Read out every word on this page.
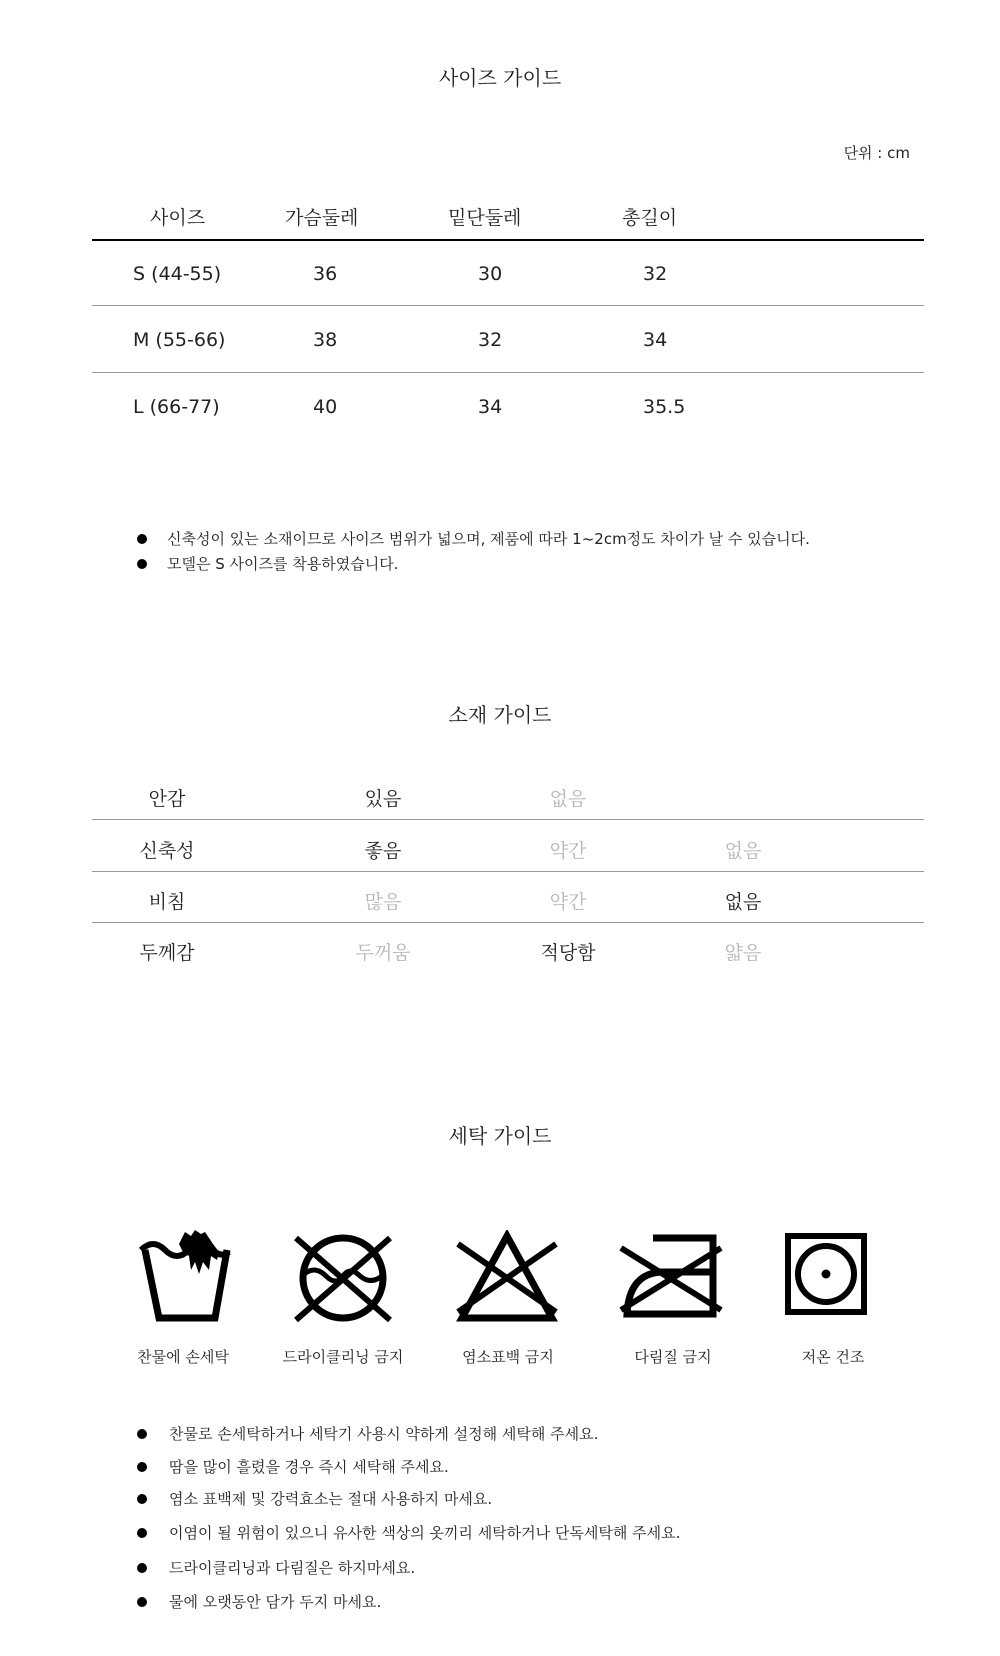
사이즈 가이드
단위 : cm
사이즈	가슴둘레	밑단둘레	총길이
S (44-55)	36	30	32
M (55-66)	38	32	34
L (66-77)	40	34	35.5
신축성이 있는 소재이므로 사이즈 범위가 넓으며, 제품에 따라 1~2cm정도 차이가 날 수 있습니다.
모델은 S 사이즈를 착용하였습니다.
소재 가이드
안감	있음	없음
신축성	좋음	약간	없음
비침	많음	약간	없음
두께감	두꺼움	적당함	얇음
세탁 가이드
찬물에 손세탁	드라이클리닝 금지	염소표백 금지	다림질 금지	저온 건조
찬물로 손세탁하거나 세탁기 사용시 약하게 설정해 세탁해 주세요.
땀을 많이 흘렸을 경우 즉시 세탁해 주세요.
염소 표백제 및 강력효소는 절대 사용하지 마세요.
이염이 될 위험이 있으니 유사한 색상의 옷끼리 세탁하거나 단독세탁해 주세요.
드라이클리닝과 다림질은 하지마세요.
물에 오랫동안 담가 두지 마세요.
